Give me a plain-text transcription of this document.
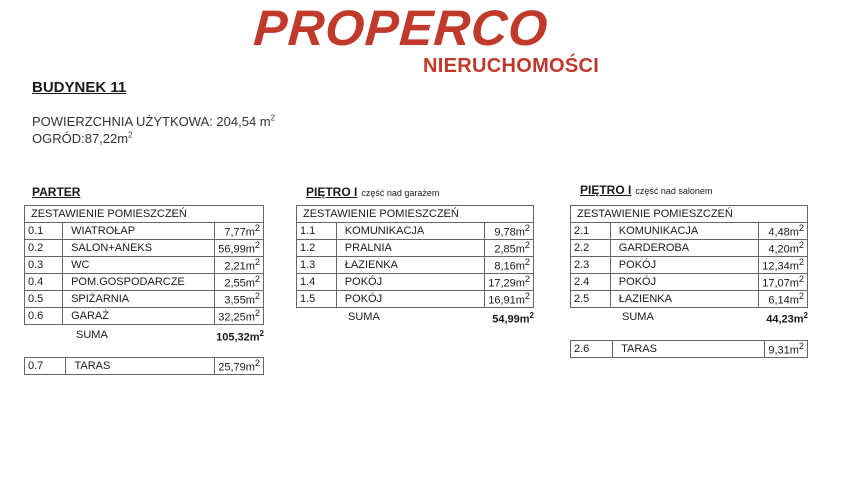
PROPERCO
NIERUCHOMOŚCI
BUDYNEK 11
POWIERZCHNIA UŻYTKOWA: 204,54 $m^2$
$OGRÓD:87,22m^2$
PARTER
ZESTAWIENIE POMIESZCZEŃ		
0.1	WIATROŁAP	$7,77m^2$
0.2	SALON+ANEKS	$56,99m^2$
0.3	WC	$2,21m^2$
0.4	POM.GOSPODARCZE	$2,55m^2$
0.5	SPIŻARNIA	$3,55m^2$
0.6	GARAŻ	$32,25m^2$
SUMA	$105,32m^2$
0.7	TARAS	$25,79m^2$
PIĘTRO I część nad garażem
ZESTAWIENIE POMIESZCZEŃ		
1.1	KOMUNIKACJA	$9,78m^2$
1.2	PRALNIA	$2,85m^2$
1.3	ŁAZIENKA	$8,16m^2$
1.4	POKÓJ	$17,29m^2$
1.5	POKÓJ	$16,91m^2$
SUMA	$54,99m^2$
PIĘTRO I część nad salonem
ZESTAWIENIE POMIESZCZEŃ		
2.1	KOMUNIKACJA	$4,48m^2$
2.2	GARDEROBA	$4,20m^2$
2.3	POKÓJ	$12,34m^2$
2.4	POKÓJ	$17,07m^2$
2.5	ŁAZIENKA	$6,14m^2$
SUMA	$44,23m^2$
2.6	TARAS	$9,31m^2$
